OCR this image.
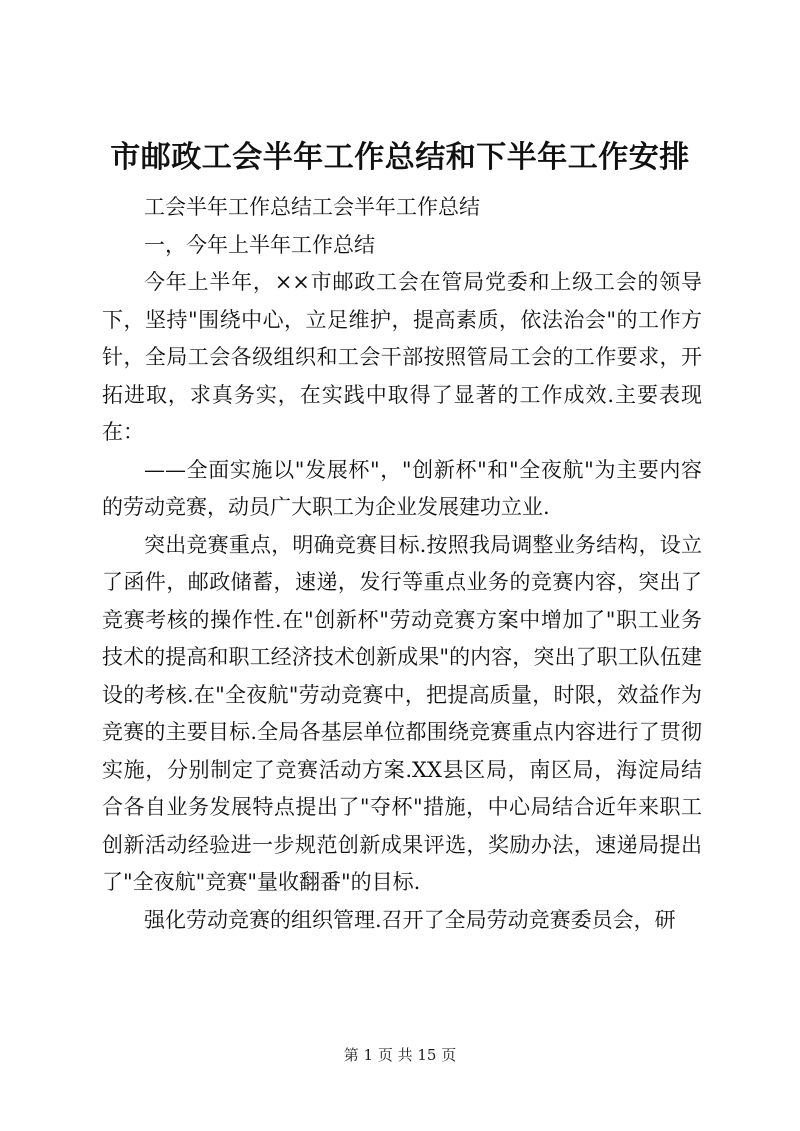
市邮政工会半年工作总结和下半年工作安排

工会半年工作总结工会半年工作总结

一，今年上半年工作总结

今年上半年，××市邮政工会在管局党委和上级工会的领导下，坚持"围绕中心，立足维护，提高素质，依法治会"的工作方针，全局工会各级组织和工会干部按照管局工会的工作要求，开拓进取，求真务实，在实践中取得了显著的工作成效.主要表现在：

——全面实施以"发展杯"，"创新杯"和"全夜航"为主要内容的劳动竞赛，动员广大职工为企业发展建功立业.

突出竞赛重点，明确竞赛目标.按照我局调整业务结构，设立了函件，邮政储蓄，速递，发行等重点业务的竞赛内容，突出了竞赛考核的操作性.在"创新杯"劳动竞赛方案中增加了"职工业务技术的提高和职工经济技术创新成果"的内容，突出了职工队伍建设的考核.在"全夜航"劳动竞赛中，把提高质量，时限，效益作为竞赛的主要目标.全局各基层单位都围绕竞赛重点内容进行了贯彻实施，分别制定了竞赛活动方案.XX县区局，南区局，海淀局结合各自业务发展特点提出了"夺杯"措施，中心局结合近年来职工创新活动经验进一步规范创新成果评选，奖励办法，速递局提出了"全夜航"竞赛"量收翻番"的目标.

强化劳动竞赛的组织管理.召开了全局劳动竞赛委员会，研

第 1 页 共 15 页
